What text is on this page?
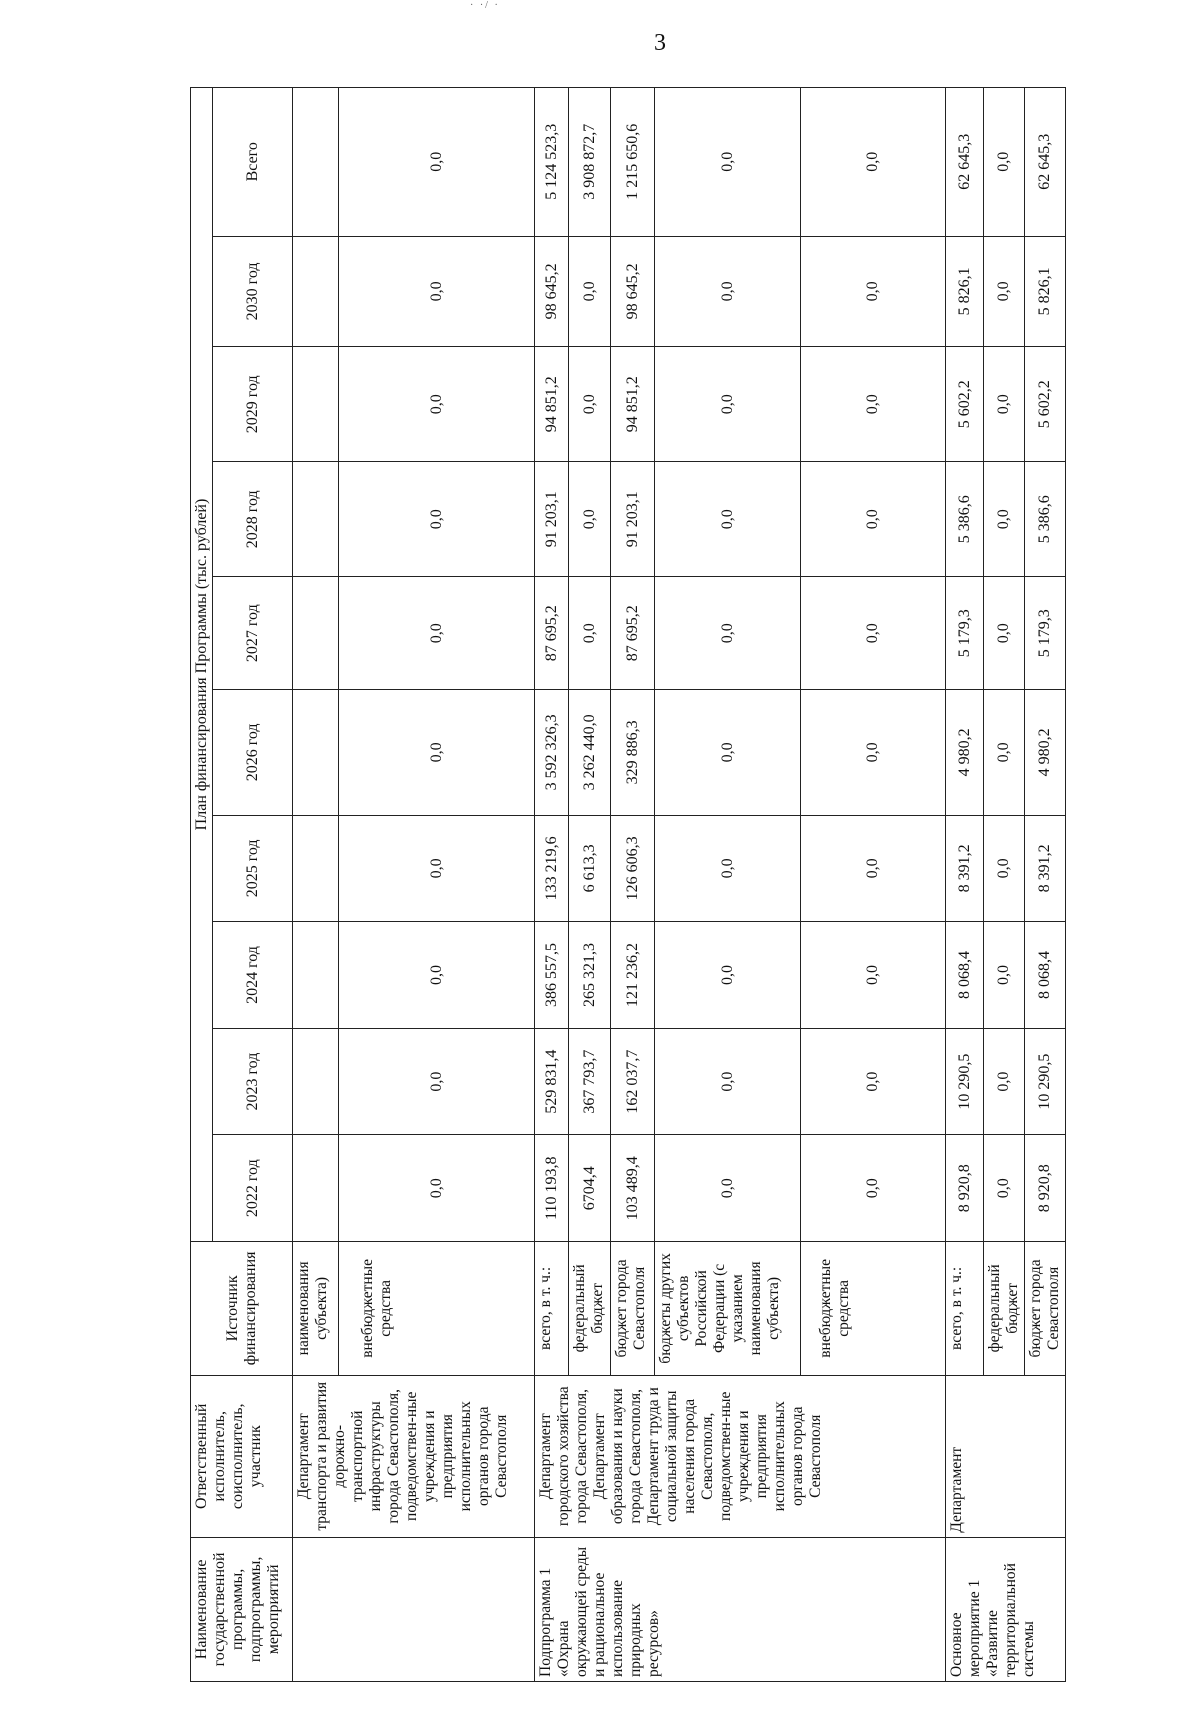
· ·/ ·
3
Наименование государственной программы, подпрограммы, мероприятий	Ответственный исполнитель, соисполнитель, участник	Источник финансирования	План финансирования Программы (тыс. рублей)									
			2022 год	2023 год	2024 год	2025 год	2026 год	2027 год	2028 год	2029 год	2030 год	Всего
	Департамент транспорта и развития дорожно-транспортной инфраструктуры города Севастополя, подведомствен-ные учреждения и предприятия исполнительных органов города Севастополя	наименования субъекта)										
		внебюджетные средства	0,0	0,0	0,0	0,0	0,0	0,0	0,0	0,0	0,0	0,0
Подпрограмма 1 «Охрана окружающей среды и рациональное использование природных ресурсов»	Департамент городского хозяйства города Севастополя, Департамент образования и науки города Севастополя, Департамент труда и социальной защиты населения города Севастополя, подведомствен-ные учреждения и предприятия исполнительных органов города Севастополя	всего, в т. ч.:	110 193,8	529 831,4	386 557,5	133 219,6	3 592 326,3	87 695,2	91 203,1	94 851,2	98 645,2	5 124 523,3
		федеральный бюджет	6704,4	367 793,7	265 321,3	6 613,3	3 262 440,0	0,0	0,0	0,0	0,0	3 908 872,7
		бюджет города Севастополя	103 489,4	162 037,7	121 236,2	126 606,3	329 886,3	87 695,2	91 203,1	94 851,2	98 645,2	1 215 650,6
		бюджеты других субъектов Российской Федерации (с указанием наименования субъекта)	0,0	0,0	0,0	0,0	0,0	0,0	0,0	0,0	0,0	0,0
		внебюджетные средства	0,0	0,0	0,0	0,0	0,0	0,0	0,0	0,0	0,0	0,0
Основное мероприятие 1 «Развитие территориальной системы	Департамент	всего, в т. ч.:	8 920,8	10 290,5	8 068,4	8 391,2	4 980,2	5 179,3	5 386,6	5 602,2	5 826,1	62 645,3
		федеральный бюджет	0,0	0,0	0,0	0,0	0,0	0,0	0,0	0,0	0,0	0,0
		бюджет города Севастополя	8 920,8	10 290,5	8 068,4	8 391,2	4 980,2	5 179,3	5 386,6	5 602,2	5 826,1	62 645,3
